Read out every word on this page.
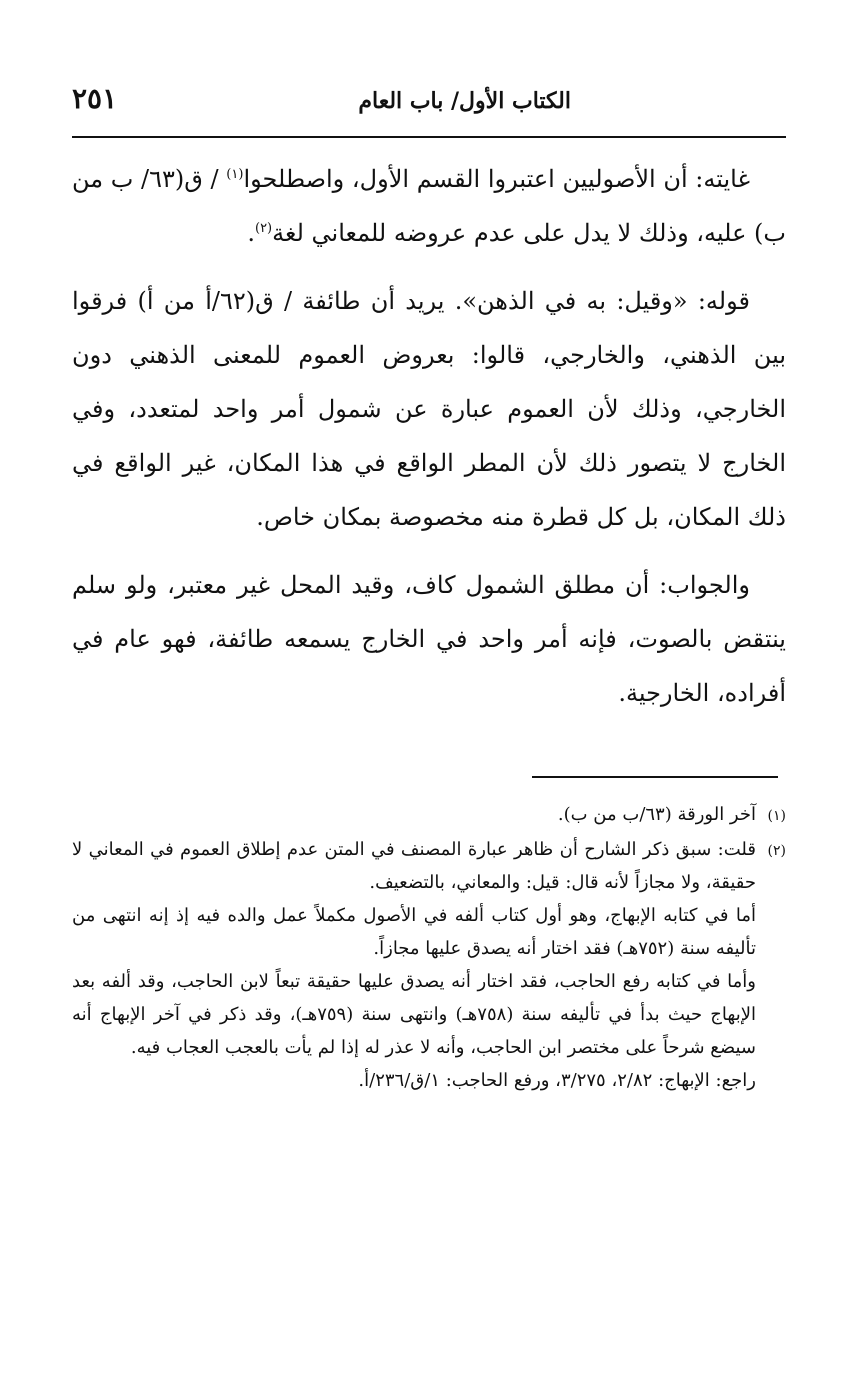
الكتاب الأول/ باب العام
٢٥١

غايته: أن الأصوليين اعتبروا القسم الأول، واصطلحوا$^{(١)}$ / ق(٦٣/ ب من ب) عليه، وذلك لا يدل على عدم عروضه للمعاني لغة$^{(٢)}$.

قوله: «وقيل: به في الذهن». يريد أن طائفة / ق(٦٢/أ من أ) فرقوا بين الذهني، والخارجي، قالوا: بعروض العموم للمعنى الذهني دون الخارجي، وذلك لأن العموم عبارة عن شمول أمر واحد لمتعدد، وفي الخارج لا يتصور ذلك لأن المطر الواقع في هذا المكان، غير الواقع في ذلك المكان، بل كل قطرة منه مخصوصة بمكان خاص.

والجواب: أن مطلق الشمول كاف، وقيد المحل غير معتبر، ولو سلم ينتقض بالصوت، فإنه أمر واحد في الخارج يسمعه طائفة، فهو عام في أفراده، الخارجية.

(١)
آخر الورقة (٦٣/ب من ب).
(٢)
قلت: سبق ذكر الشارح أن ظاهر عبارة المصنف في المتن عدم إطلاق العموم في المعاني لا حقيقة، ولا مجازاً لأنه قال: قيل: والمعاني، بالتضعيف.

أما في كتابه الإبهاج، وهو أول كتاب ألفه في الأصول مكملاً عمل والده فيه إذ إنه انتهى من تأليفه سنة (٧٥٢هـ) فقد اختار أنه يصدق عليها مجازاً.

وأما في كتابه رفع الحاجب، فقد اختار أنه يصدق عليها حقيقة تبعاً لابن الحاجب، وقد ألفه بعد الإبهاج حيث بدأ في تأليفه سنة (٧٥٨هـ) وانتهى سنة (٧٥٩هـ)، وقد ذكر في آخر الإبهاج أنه سيضع شرحاً على مختصر ابن الحاجب، وأنه لا عذر له إذا لم يأت بالعجب العجاب فيه.

راجع: الإبهاج: ٢/٨٢، ٣/٢٧٥، ورفع الحاجب: ١/ق/٢٣٦/أ.
